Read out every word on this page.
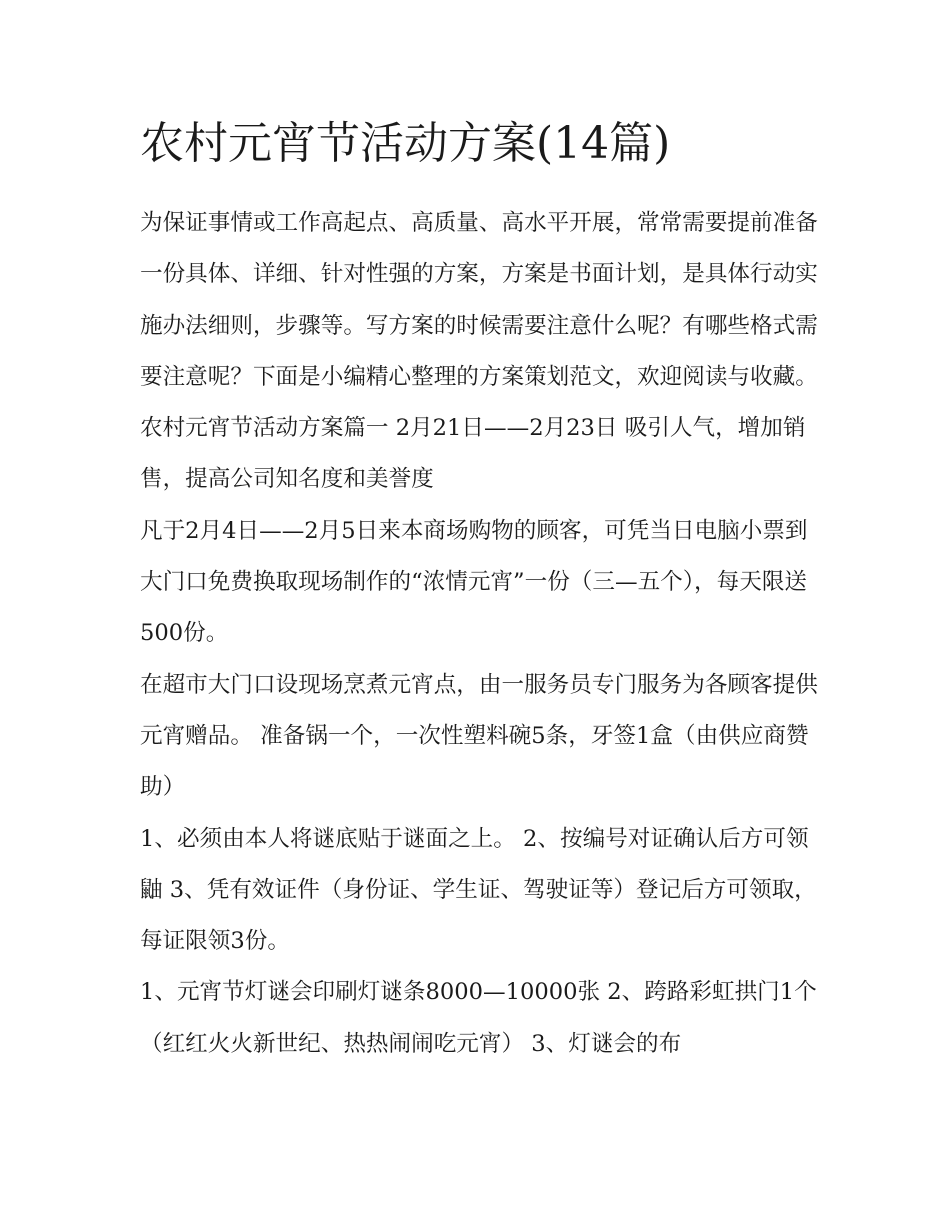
农村元宵节活动方案(14篇)

为保证事情或工作高起点、高质量、高水平开展，常常需要提前准备一份具体、详细、针对性强的方案，方案是书面计划，是具体行动实施办法细则，步骤等。写方案的时候需要注意什么呢？有哪些格式需要注意呢？下面是小编精心整理的方案策划范文，欢迎阅读与收藏。

农村元宵节活动方案篇一 2月21日——2月23日 吸引人气，增加销售，提高公司知名度和美誉度

凡于2月4日——2月5日来本商场购物的顾客，可凭当日电脑小票到大门口免费换取现场制作的“浓情元宵”一份（三—五个），每天限送500份。

在超市大门口设现场烹煮元宵点，由一服务员专门服务为各顾客提供元宵赠品。 准备锅一个，一次性塑料碗5条，牙签1盒（由供应商赞助）

1、必须由本人将谜底贴于谜面之上。 2、按编号对证确认后方可领鼬 3、凭有效证件（身份证、学生证、驾驶证等）登记后方可领取，每证限领3份。

1、元宵节灯谜会印刷灯谜条8000—10000张 2、跨路彩虹拱门1个（红红火火新世纪、热热闹闹吃元宵） 3、灯谜会的布
